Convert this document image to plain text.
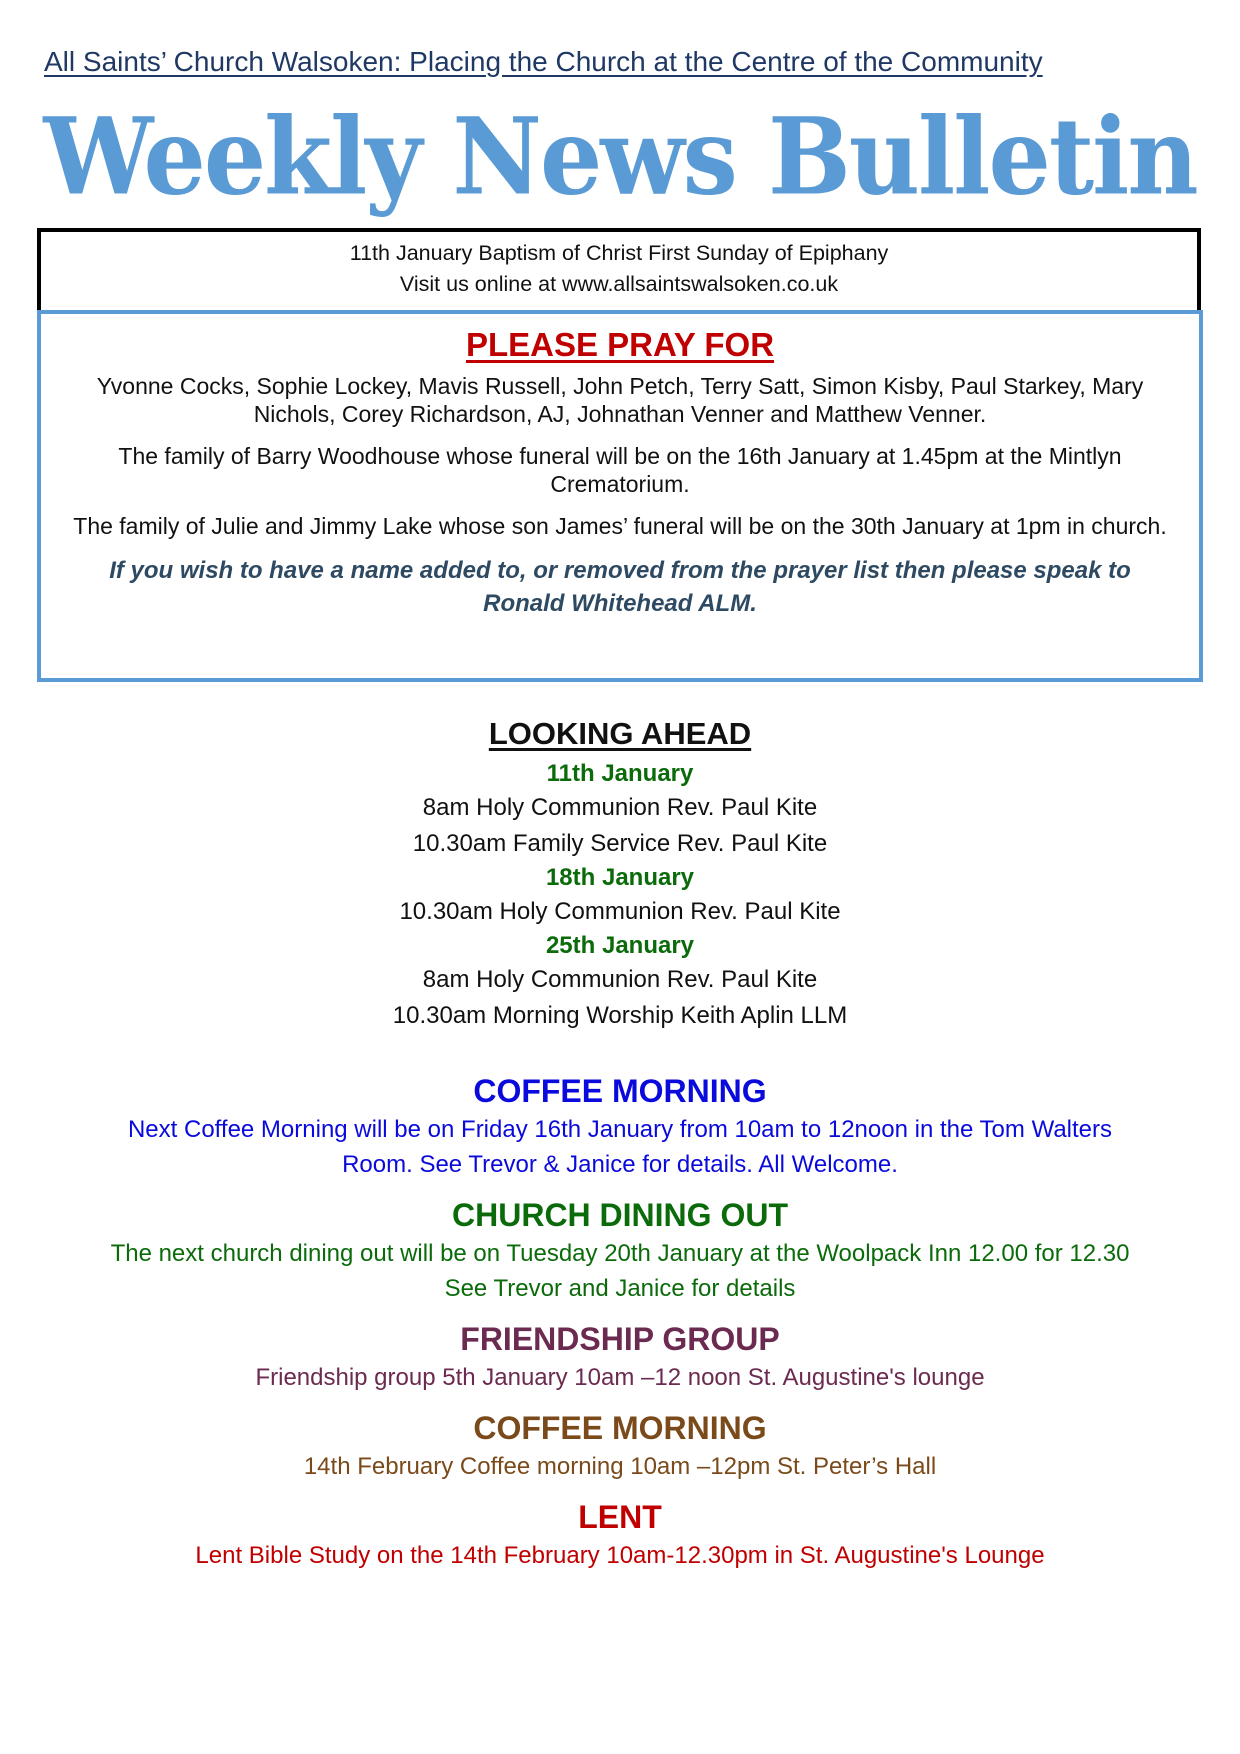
All Saints’ Church Walsoken: Placing the Church at the Centre of the Community
Weekly News Bulletin
11th January Baptism of Christ First Sunday of Epiphany
Visit us online at www.allsaintswalsoken.co.uk
PLEASE PRAY FOR

Yvonne Cocks, Sophie Lockey, Mavis Russell, John Petch, Terry Satt, Simon Kisby, Paul Starkey, Mary Nichols, Corey Richardson, AJ, Johnathan Venner and Matthew Venner.

The family of Barry Woodhouse whose funeral will be on the 16th January at 1.45pm at the Mintlyn Crematorium.

The family of Julie and Jimmy Lake whose son James’ funeral will be on the 30th January at 1pm in church.

If you wish to have a name added to, or removed from the prayer list then please speak to Ronald Whitehead ALM.
LOOKING AHEAD
11th January
8am Holy Communion Rev. Paul Kite
10.30am Family Service Rev. Paul Kite
18th January
10.30am Holy Communion Rev. Paul Kite
25th January
8am Holy Communion Rev. Paul Kite
10.30am Morning Worship Keith Aplin LLM
COFFEE MORNING
Next Coffee Morning will be on Friday 16th January from 10am to 12noon in the Tom Walters
Room. See Trevor & Janice for details. All Welcome.
CHURCH DINING OUT
The next church dining out will be on Tuesday 20th January at the Woolpack Inn 12.00 for 12.30
See Trevor and Janice for details
FRIENDSHIP GROUP
Friendship group 5th January 10am –12 noon St. Augustine's lounge
COFFEE MORNING
14th February Coffee morning 10am –12pm St. Peter’s Hall
LENT
Lent Bible Study on the 14th February 10am-12.30pm in St. Augustine's Lounge
